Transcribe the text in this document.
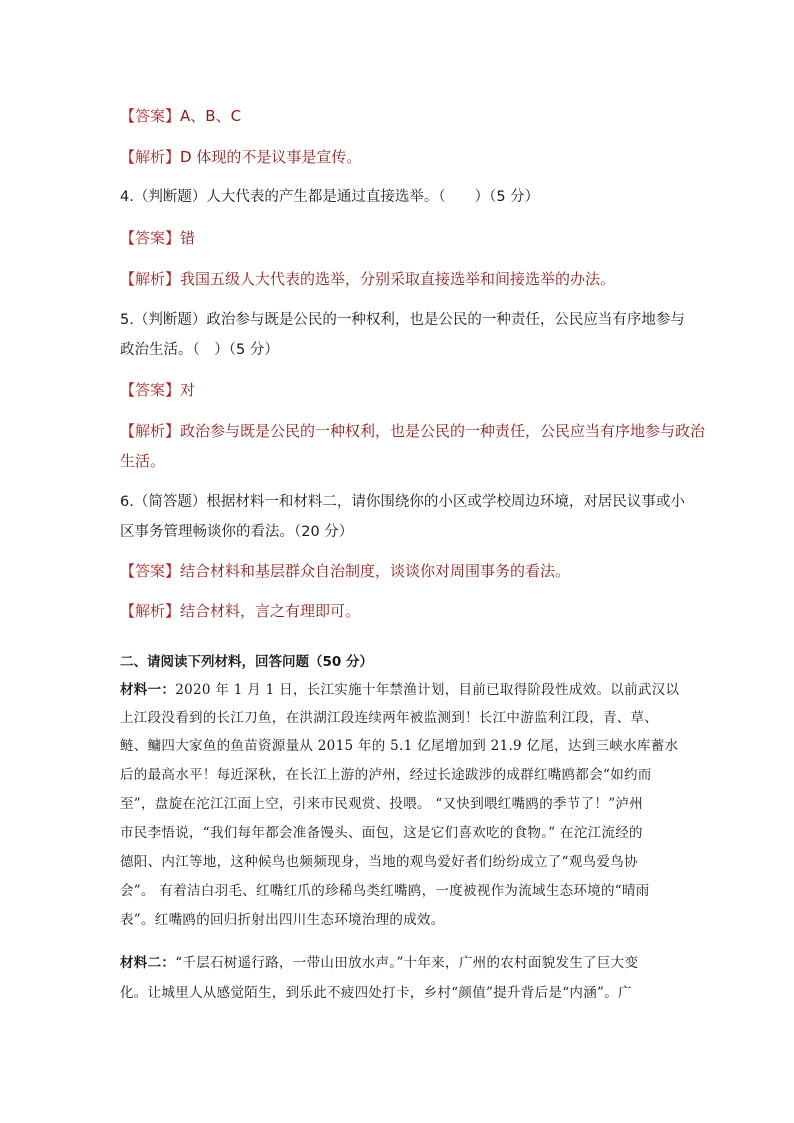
【答案】A、B、C
【解析】D 体现的不是议事是宣传。
4.（判断题）人大代表的产生都是通过直接选举。（　　）（5 分）
【答案】错
【解析】我国五级人大代表的选举，分别采取直接选举和间接选举的办法。
5.（判断题）政治参与既是公民的一种权利，也是公民的一种责任，公民应当有序地参与
政治生活。（　）（5 分）
【答案】对
【解析】政治参与既是公民的一种权利，也是公民的一种责任，公民应当有序地参与政治
生活。
6.（简答题）根据材料一和材料二，请你围绕你的小区或学校周边环境，对居民议事或小
区事务管理畅谈你的看法。（20 分）
【答案】结合材料和基层群众自治制度，谈谈你对周围事务的看法。
【解析】结合材料，言之有理即可。
二、请阅读下列材料，回答问题（50 分）
材料一：2020 年 1 月 1 日，长江实施十年禁渔计划，目前已取得阶段性成效。以前武汉以
上江段没看到的长江刀鱼，在洪湖江段连续两年被监测到！长江中游监利江段，青、草、
鲢、鳙四大家鱼的鱼苗资源量从 2015 年的 5.1 亿尾增加到 21.9 亿尾，达到三峡水库蓄水
后的最高水平！每近深秋，在长江上游的泸州，经过长途跋涉的成群红嘴鸥都会“如约而
至”，盘旋在沱江江面上空，引来市民观赏、投喂。 “又快到喂红嘴鸥的季节了！”泸州
市民李悟说，“我们每年都会准备馒头、面包，这是它们喜欢吃的食物。” 在沱江流经的
德阳、内江等地，这种候鸟也频频现身，当地的观鸟爱好者们纷纷成立了“观鸟爱鸟协
会”。 有着洁白羽毛、红嘴红爪的珍稀鸟类红嘴鸥，一度被视作为流域生态环境的“晴雨
表”。红嘴鸥的回归折射出四川生态环境治理的成效。
材料二：“千层石树遥行路，一带山田放水声。”十年来，广州的农村面貌发生了巨大变
化。让城里人从感觉陌生，到乐此不疲四处打卡，乡村“颜值”提升背后是“内涵”。广
